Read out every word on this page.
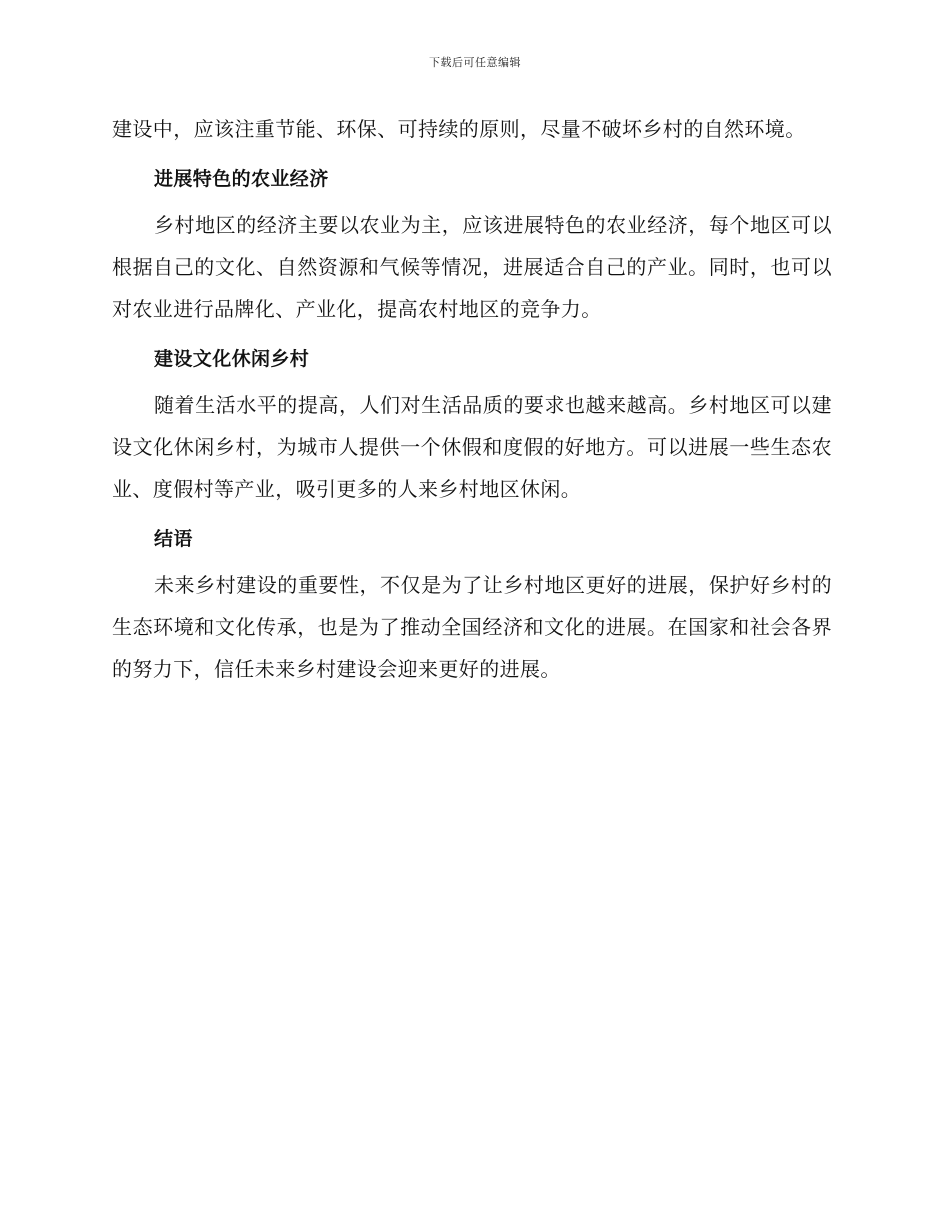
下载后可任意编辑

建设中，应该注重节能、环保、可持续的原则，尽量不破坏乡村的自然环境。

进展特色的农业经济

乡村地区的经济主要以农业为主，应该进展特色的农业经济，每个地区可以根据自己的文化、自然资源和气候等情况，进展适合自己的产业。同时，也可以对农业进行品牌化、产业化，提高农村地区的竞争力。

建设文化休闲乡村

随着生活水平的提高，人们对生活品质的要求也越来越高。乡村地区可以建设文化休闲乡村，为城市人提供一个休假和度假的好地方。可以进展一些生态农业、度假村等产业，吸引更多的人来乡村地区休闲。

结语

未来乡村建设的重要性，不仅是为了让乡村地区更好的进展，保护好乡村的生态环境和文化传承，也是为了推动全国经济和文化的进展。在国家和社会各界的努力下，信任未来乡村建设会迎来更好的进展。
